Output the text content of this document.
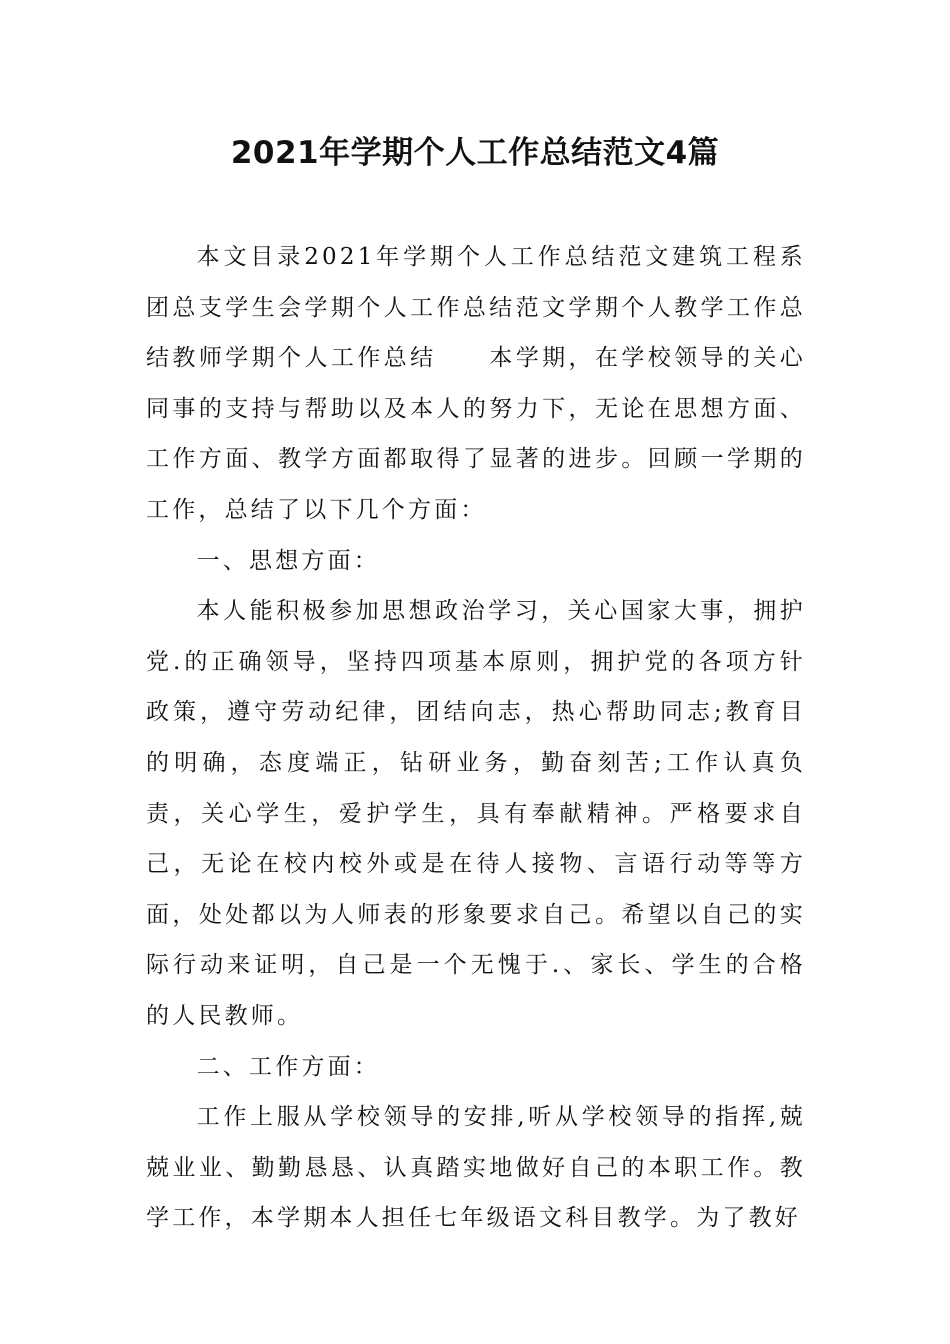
2021年学期个人工作总结范文4篇

本文目录2021年学期个人工作总结范文建筑工程系团总支学生会学期个人工作总结范文学期个人教学工作总结教师学期个人工作总结　　本学期，在学校领导的关心同事的支持与帮助以及本人的努力下，无论在思想方面、工作方面、教学方面都取得了显著的进步。回顾一学期的工作，总结了以下几个方面：

一、思想方面：

本人能积极参加思想政治学习，关心国家大事，拥护党.的正确领导，坚持四项基本原则，拥护党的各项方针政策，遵守劳动纪律，团结向志，热心帮助同志;教育目的明确，态度端正，钻研业务，勤奋刻苦;工作认真负责，关心学生，爱护学生，具有奉献精神。严格要求自己，无论在校内校外或是在待人接物、言语行动等等方面，处处都以为人师表的形象要求自己。希望以自己的实际行动来证明，自己是一个无愧于.、家长、学生的合格的人民教师。

二、工作方面：

工作上服从学校领导的安排,听从学校领导的指挥,兢兢业业、勤勤恳恳、认真踏实地做好自己的本职工作。教学工作，本学期本人担任七年级语文科目教学。为了教好
